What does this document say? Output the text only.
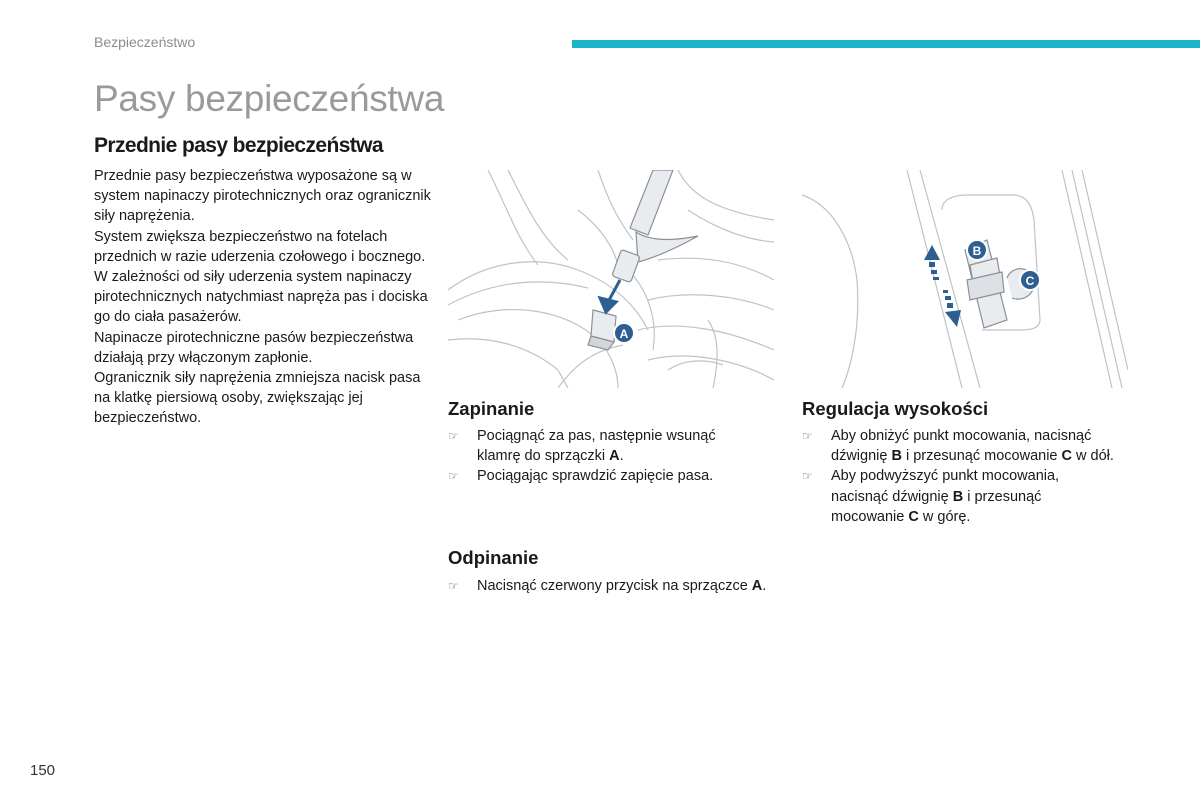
Bezpieczeństwo
Pasy bezpieczeństwa
Przednie pasy bezpieczeństwa

Przednie pasy bezpieczeństwa wyposażone są w system napinaczy pirotechnicznych oraz ogranicznik siły naprężenia.

System zwiększa bezpieczeństwo na fotelach przednich w razie uderzenia czołowego i bocznego.

W zależności od siły uderzenia system napinaczy pirotechnicznych natychmiast napręża pas i dociska go do ciała pasażerów.

Napinacze pirotechniczne pasów bezpieczeństwa działają przy włączonym zapłonie.

Ogranicznik siły naprężenia zmniejsza nacisk pasa na klatkę piersiową osoby, zwiększając jej bezpieczeństwo.

A
B
C
Zapinanie
☞ Pociągnąć za pas, następnie wsunąć klamrę do sprzączki A.
☞ Pociągając sprawdzić zapięcie pasa.
Odpinanie
☞ Nacisnąć czerwony przycisk na sprzączce A.
Regulacja wysokości
☞ Aby obniżyć punkt mocowania, nacisnąć dźwignię B i przesunąć mocowanie C w dół.
☞ Aby podwyższyć punkt mocowania, nacisnąć dźwignię B i przesunąć mocowanie C w górę.
150
